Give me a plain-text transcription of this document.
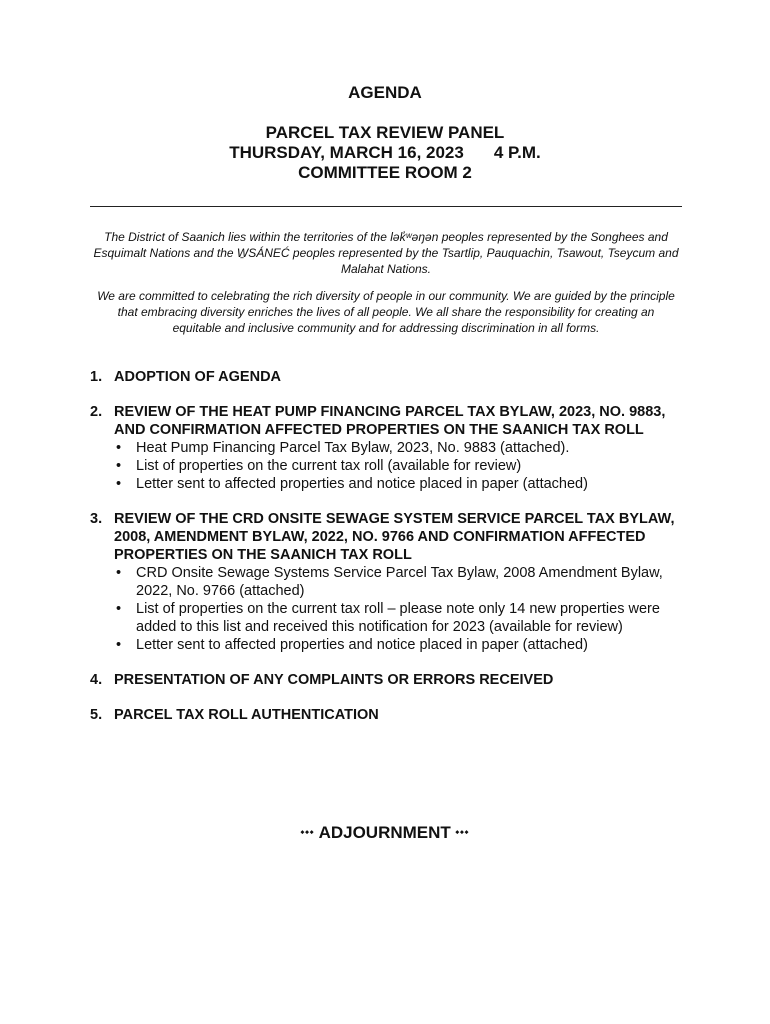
AGENDA
PARCEL TAX REVIEW PANEL
THURSDAY, MARCH 16, 2023 4 P.M.
COMMITTEE ROOM 2
The District of Saanich lies within the territories of the lək̓ʷəŋən peoples represented by the Songhees and Esquimalt Nations and the W̱SÁNEĆ peoples represented by the Tsartlip, Pauquachin, Tsawout, Tseycum and Malahat Nations.
We are committed to celebrating the rich diversity of people in our community. We are guided by the principle that embracing diversity enriches the lives of all people. We all share the responsibility for creating an equitable and inclusive community and for addressing discrimination in all forms.
1. ADOPTION OF AGENDA
2. REVIEW OF THE HEAT PUMP FINANCING PARCEL TAX BYLAW, 2023, NO. 9883, AND CONFIRMATION AFFECTED PROPERTIES ON THE SAANICH TAX ROLL
• Heat Pump Financing Parcel Tax Bylaw, 2023, No. 9883 (attached).
• List of properties on the current tax roll (available for review)
• Letter sent to affected properties and notice placed in paper (attached)
3. REVIEW OF THE CRD ONSITE SEWAGE SYSTEM SERVICE PARCEL TAX BYLAW, 2008, AMENDMENT BYLAW, 2022, NO. 9766 AND CONFIRMATION AFFECTED PROPERTIES ON THE SAANICH TAX ROLL
• CRD Onsite Sewage Systems Service Parcel Tax Bylaw, 2008 Amendment Bylaw, 2022, No. 9766 (attached)
• List of properties on the current tax roll – please note only 14 new properties were added to this list and received this notification for 2023 (available for review)
• Letter sent to affected properties and notice placed in paper (attached)
4. PRESENTATION OF ANY COMPLAINTS OR ERRORS RECEIVED
5. PARCEL TAX ROLL AUTHENTICATION
⬩⬩⬩ ADJOURNMENT ⬩⬩⬩
